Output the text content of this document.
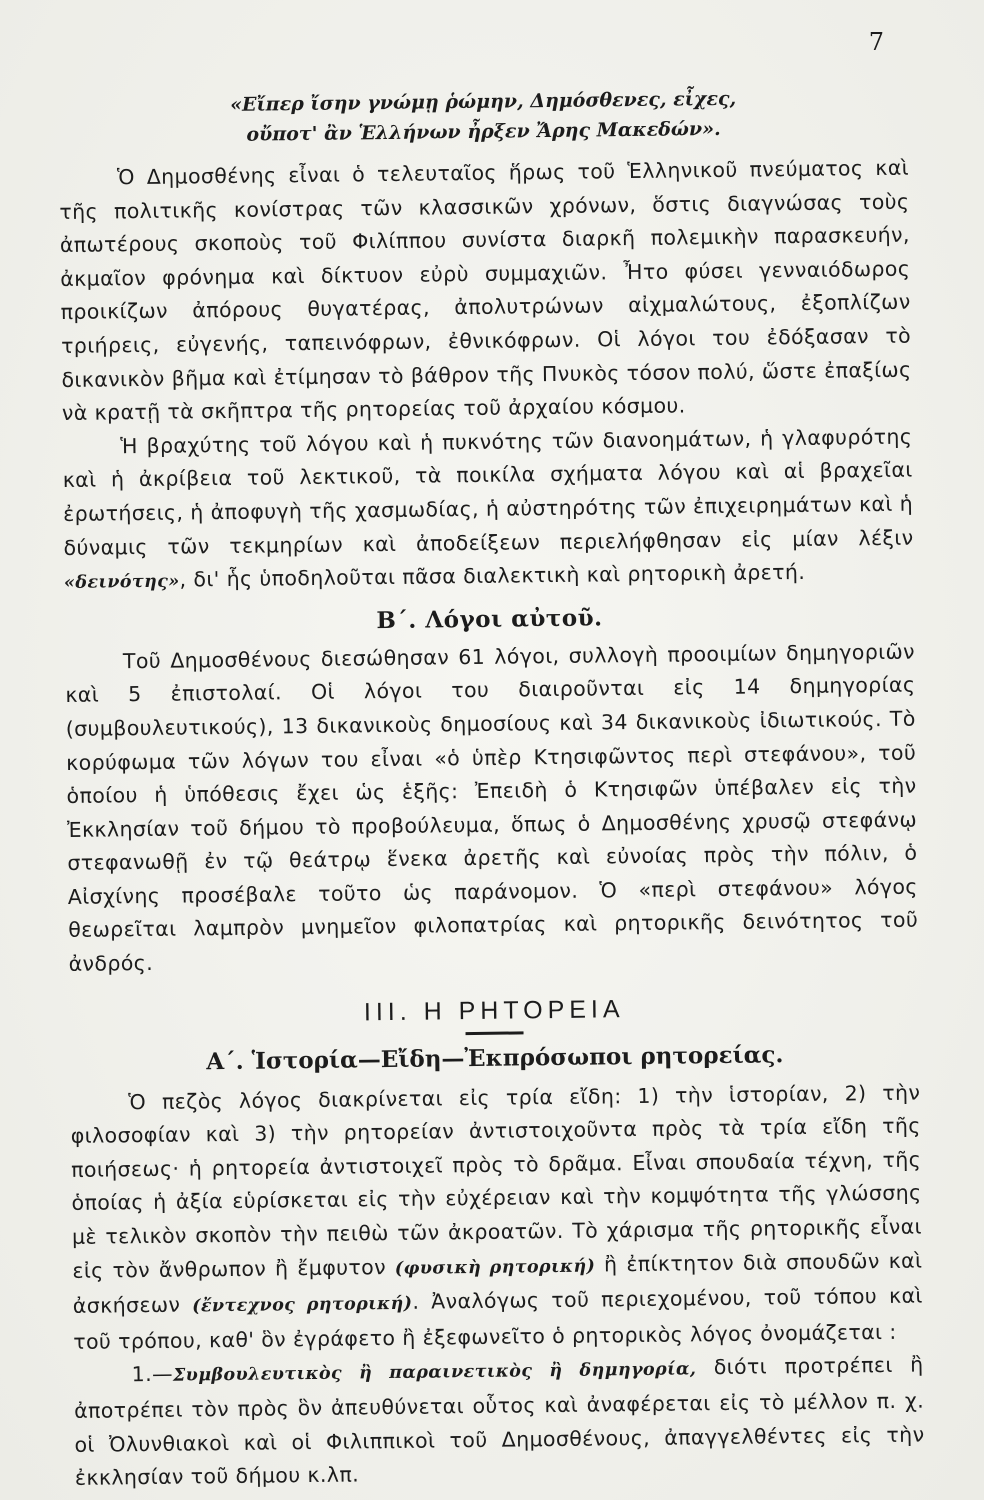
7

«Εἴπερ ἴσην γνώμῃ ῥώμην, Δημόσθενες, εἶχες,
οὔποτ' ἂν Ἑλλήνων ἦρξεν Ἄρης Μακεδών».

Ὁ Δημοσθένης εἶναι ὁ τελευταῖος ἥρως τοῦ Ἑλληνικοῦ πνεύματος καὶ τῆς πολιτικῆς κονίστρας τῶν κλασσικῶν χρόνων, ὅστις διαγνώσας τοὺς ἀπωτέρους σκοποὺς τοῦ Φιλίππου συνίστα διαρκῆ πολεμικὴν παρασκευήν, ἀκμαῖον φρόνημα καὶ δίκτυον εὐρὺ συμμαχιῶν. Ἦτο φύσει γενναιόδωρος προικίζων ἀπόρους θυγατέρας, ἀπολυτρώνων αἰχμαλώτους, ἐξοπλίζων τριήρεις, εὐγενής, ταπεινόφρων, ἐθνικόφρων. Οἱ λόγοι του ἐδόξασαν τὸ δικανικὸν βῆμα καὶ ἐτίμησαν τὸ βάθρον τῆς Πνυκὸς τόσον πολύ, ὥστε ἐπαξίως νὰ κρατῇ τὰ σκῆπτρα τῆς ρητορείας τοῦ ἀρχαίου κόσμου.

Ἡ βραχύτης τοῦ λόγου καὶ ἡ πυκνότης τῶν διανοημάτων, ἡ γλαφυρότης καὶ ἡ ἀκρίβεια τοῦ λεκτικοῦ, τὰ ποικίλα σχήματα λόγου καὶ αἱ βραχεῖαι ἐρωτήσεις, ἡ ἀποφυγὴ τῆς χασμωδίας, ἡ αὐστηρότης τῶν ἐπιχειρημάτων καὶ ἡ δύναμις τῶν τεκμηρίων καὶ ἀποδείξεων περιελήφθησαν εἰς μίαν λέξιν «δεινότης», δι' ἧς ὑποδηλοῦται πᾶσα διαλεκτικὴ καὶ ρητορικὴ ἀρετή.

Β΄. Λόγοι αὐτοῦ.

Τοῦ Δημοσθένους διεσώθησαν 61 λόγοι, συλλογὴ προοιμίων δημηγοριῶν καὶ 5 ἐπιστολαί. Οἱ λόγοι του διαιροῦνται εἰς 14 δημηγορίας (συμβουλευτικούς), 13 δικανικοὺς δημοσίους καὶ 34 δικανικοὺς ἰδιωτικούς. Τὸ κορύφωμα τῶν λόγων του εἶναι «ὁ ὑπὲρ Κτησιφῶντος περὶ στεφάνου», τοῦ ὁποίου ἡ ὑπόθεσις ἔχει ὡς ἑξῆς: Ἐπειδὴ ὁ Κτησιφῶν ὑπέβαλεν εἰς τὴν Ἐκκλησίαν τοῦ δήμου τὸ προβούλευμα, ὅπως ὁ Δημοσθένης χρυσῷ στεφάνῳ στεφανωθῇ ἐν τῷ θεάτρῳ ἕνεκα ἀρετῆς καὶ εὐνοίας πρὸς τὴν πόλιν, ὁ Αἰσχίνης προσέβαλε τοῦτο ὡς παράνομον. Ὁ «περὶ στεφάνου» λόγος θεωρεῖται λαμπρὸν μνημεῖον φιλοπατρίας καὶ ρητορικῆς δεινότητος τοῦ ἀνδρός.

ΙΙΙ. Η ΡΗΤΟΡΕΙΑ
Α΄. Ἱστορία—Εἴδη—Ἐκπρόσωποι ρητορείας.

Ὁ πεζὸς λόγος διακρίνεται εἰς τρία εἴδη: 1) τὴν ἱστορίαν, 2) τὴν φιλοσοφίαν καὶ 3) τὴν ρητορείαν ἀντιστοιχοῦντα πρὸς τὰ τρία εἴδη τῆς ποιήσεως· ἡ ρητορεία ἀντιστοιχεῖ πρὸς τὸ δρᾶμα. Εἶναι σπουδαία τέχνη, τῆς ὁποίας ἡ ἀξία εὑρίσκεται εἰς τὴν εὐχέρειαν καὶ τὴν κομψότητα τῆς γλώσσης μὲ τελικὸν σκοπὸν τὴν πειθὼ τῶν ἀκροατῶν. Τὸ χάρισμα τῆς ρητορικῆς εἶναι εἰς τὸν ἄνθρωπον ἢ ἔμφυτον (φυσικὴ ρητορική) ἢ ἐπίκτητον διὰ σπουδῶν καὶ ἀσκήσεων (ἔντεχνος ρητορική). Ἀναλόγως τοῦ περιεχομένου, τοῦ τόπου καὶ τοῦ τρόπου, καθ' ὃν ἐγράφετο ἢ ἐξεφωνεῖτο ὁ ρητορικὸς λόγος ὀνομάζεται :

1.—Συμβουλευτικὸς ἢ παραινετικὸς ἢ δημηγορία, διότι προτρέπει ἢ ἀποτρέπει τὸν πρὸς ὃν ἀπευθύνεται οὗτος καὶ ἀναφέρεται εἰς τὸ μέλλον π. χ. οἱ Ὀλυνθιακοὶ καὶ οἱ Φιλιππικοὶ τοῦ Δημοσθένους, ἀπαγγελθέντες εἰς τὴν ἐκκλησίαν τοῦ δήμου κ.λπ.
